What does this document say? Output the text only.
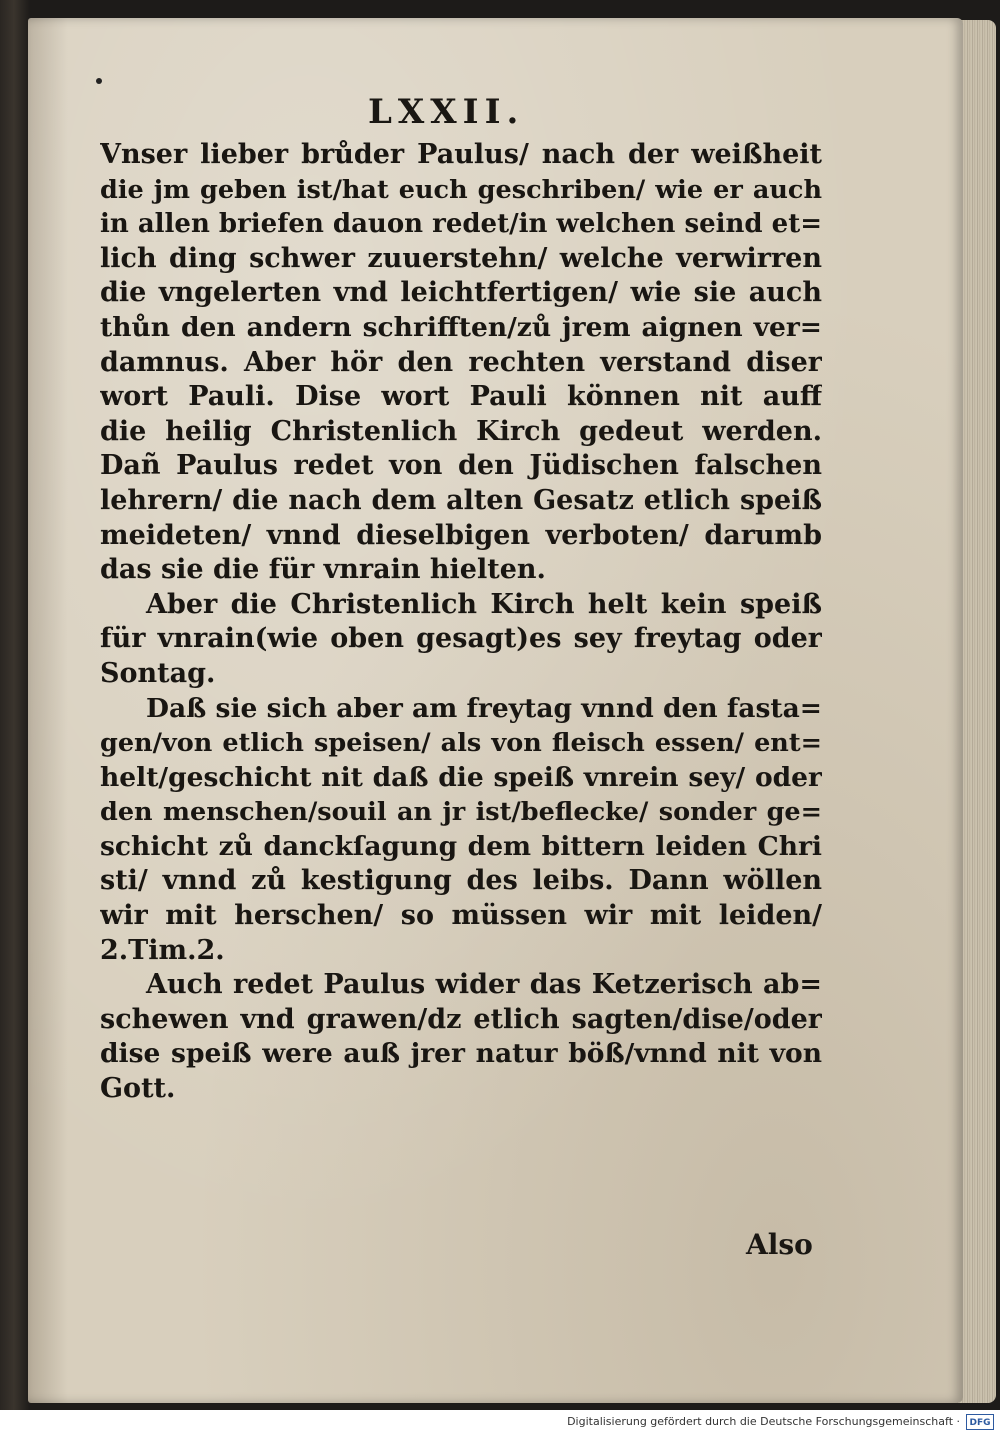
LXXII.
Vnser lieber brůder Paulus/ nach der weißheit
die jm geben ist/hat euch geschriben/ wie er auch
in allen briefen dauon redet/in welchen seind et=
lich ding schwer zuuerstehn/ welche verwirren
die vngelerten vnd leichtfertigen/ wie sie auch
thůn den andern schrifften/zů jrem aignen ver=
damnus. Aber hör den rechten verstand diser
wort Pauli. Dise wort Pauli können nit auff
die heilig Christenlich Kirch gedeut werden.
Dañ Paulus redet von den Jüdischen falschen
lehrern/ die nach dem alten Gesatz etlich speiß
meideten/ vnnd dieselbigen verboten/ darumb
das sie die für vnrain hielten.
Aber die Christenlich Kirch helt kein speiß
für vnrain(wie oben gesagt)es sey freytag oder
Sontag.
Daß sie sich aber am freytag vnnd den fasta=
gen/von etlich speisen/ als von fleisch essen/ ent=
helt/geschicht nit daß die speiß vnrein sey/ oder
den menschen/souil an jr ist/beflecke/ sonder ge=
schicht zů danckſagung dem bittern leiden Chri
sti/ vnnd zů kestigung des leibs. Dann wöllen
wir mit herschen/ so müssen wir mit leiden/
2.Tim.2.
Auch redet Paulus wider das Ketzerisch ab=
schewen vnd grawen/dz etlich sagten/dise/oder
dise speiß were auß jrer natur böß/vnnd nit von
Gott.
Also
Digitalisierung gefördert durch die Deutsche Forschungsgemeinschaft ·	DFG
